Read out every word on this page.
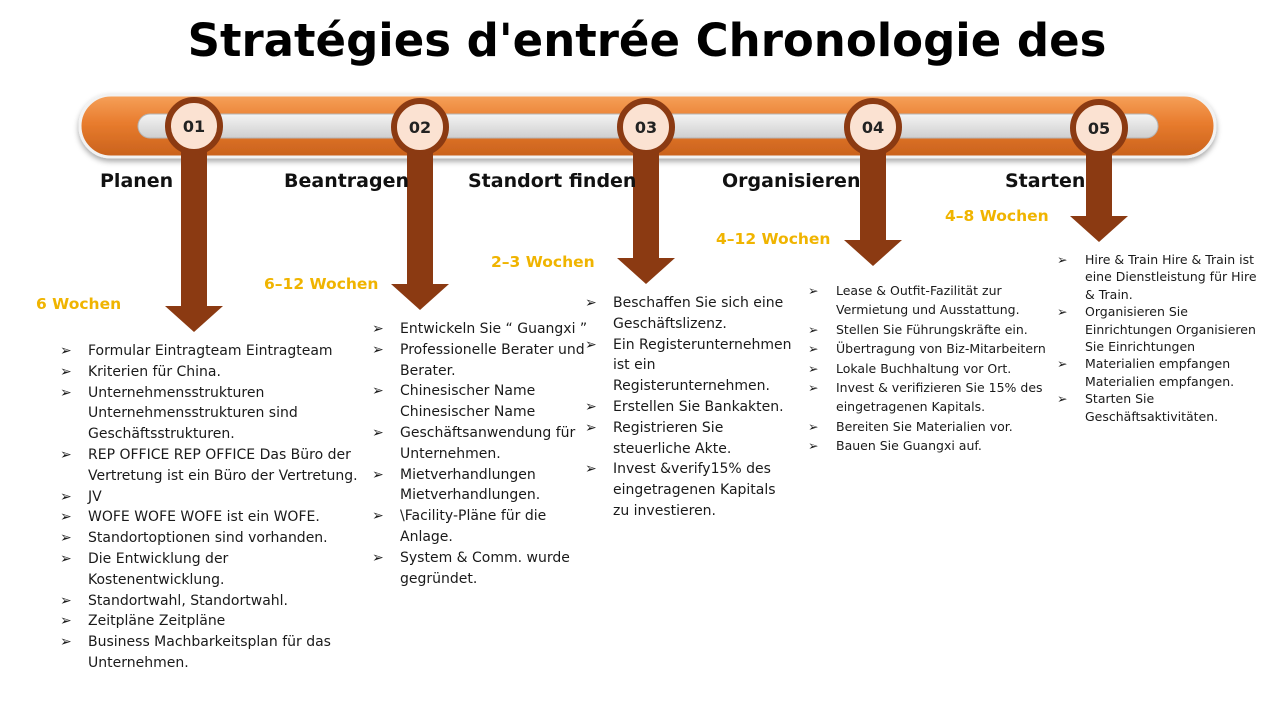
Stratégies d'entrée Chronologie des
01	02	03	04	05
Planen	Beantragen	Standort finden	Organisieren	Starten
6 Wochen
6–12 Wochen
2–3 Wochen
4–12 Wochen
4–8 Wochen
➢ Formular Eintragteam Eintragteam
➢ Kriterien für China.
➢ Unternehmensstrukturen Unternehmensstrukturen sind Geschäftsstrukturen.
➢ REP OFFICE REP OFFICE Das Büro der Vertretung ist ein Büro der Vertretung.
➢ JV
➢ WOFE WOFE WOFE ist ein WOFE.
➢ Standortoptionen sind vorhanden.
➢ Die Entwicklung der Kostenentwicklung.
➢ Standortwahl, Standortwahl.
➢ Zeitpläne Zeitpläne
➢ Business Machbarkeitsplan für das Unternehmen.
➢ Entwickeln Sie “ Guangxi ”
➢ Professionelle Berater und Berater.
➢ Chinesischer Name Chinesischer Name
➢ Geschäftsanwendung für Unternehmen.
➢ Mietverhandlungen Mietverhandlungen.
➢ \Facility-Pläne für die Anlage.
➢ System & Comm. wurde gegründet.
➢ Beschaffen Sie sich eine Geschäftslizenz.
➢ Ein Registerunternehmen ist ein Registerunternehmen.
➢ Erstellen Sie Bankakten.
➢ Registrieren Sie steuerliche Akte.
➢ Invest &verify15% des eingetragenen Kapitals zu investieren.
➢ Lease & Outfit-Fazilität zur Vermietung und Ausstattung.
➢ Stellen Sie Führungskräfte ein.
➢ Übertragung von Biz-Mitarbeitern
➢ Lokale Buchhaltung vor Ort.
➢ Invest & verifizieren Sie 15% des eingetragenen Kapitals.
➢ Bereiten Sie Materialien vor.
➢ Bauen Sie Guangxi auf.
➢ Hire & Train Hire & Train ist eine Dienstleistung für Hire & Train.
➢ Organisieren Sie Einrichtungen Organisieren Sie Einrichtungen
➢ Materialien empfangen Materialien empfangen.
➢ Starten Sie Geschäftsaktivitäten.
